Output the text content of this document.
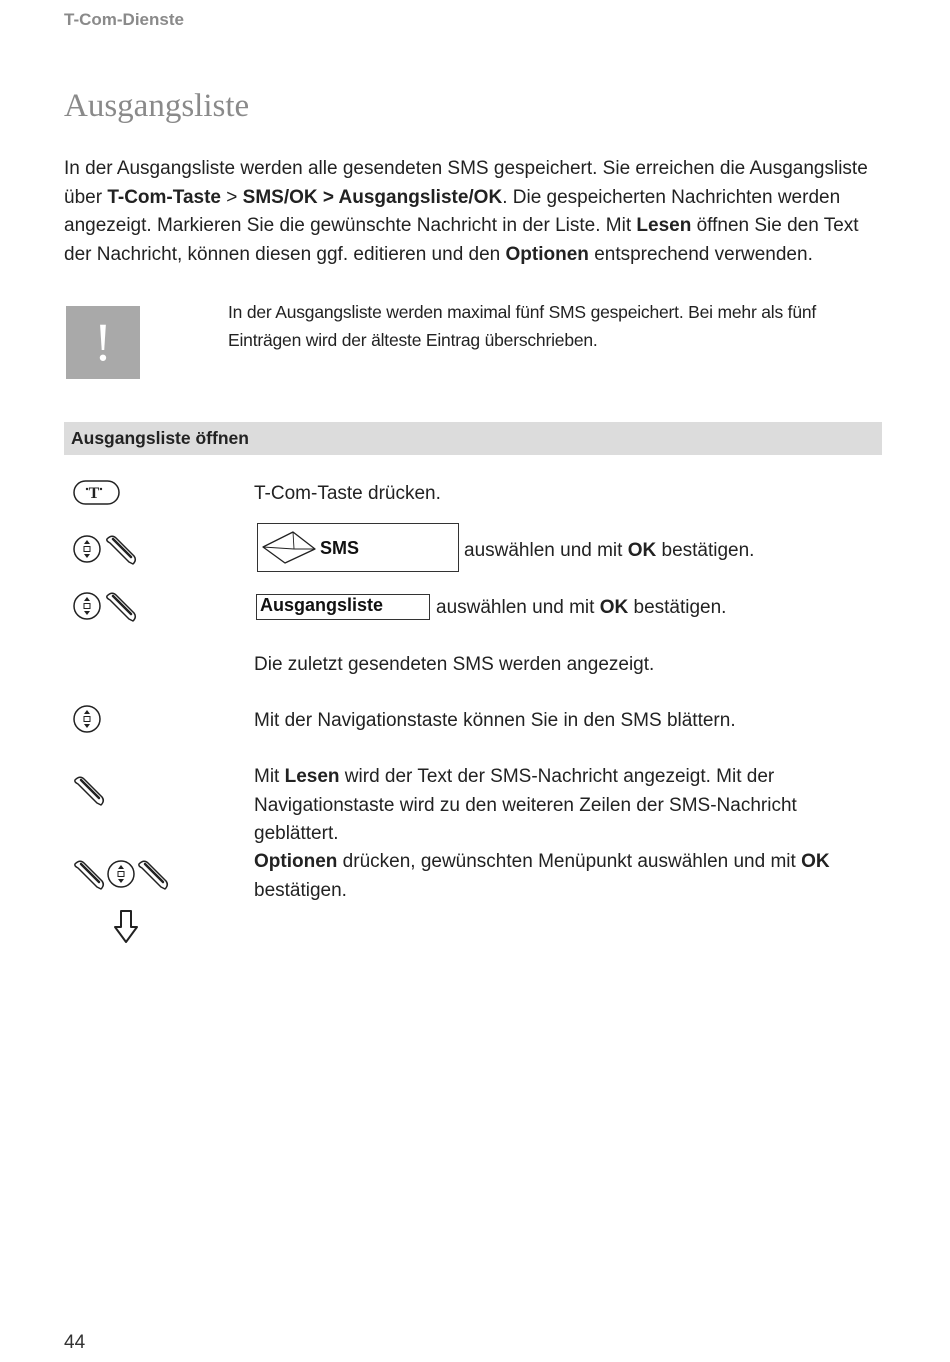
T-Com-Dienste
Ausgangsliste
In der Ausgangsliste werden alle gesendeten SMS gespeichert. Sie erreichen die Ausgangsliste über T-Com-Taste > SMS/OK > Ausgangsliste/OK. Die gespeicherten Nachrichten werden angezeigt. Markieren Sie die gewünschte Nachricht in der Liste. Mit Lesen öffnen Sie den Text der Nachricht, können diesen ggf. editieren und den Optionen entsprechend verwenden.
!	In der Ausgangsliste werden maximal fünf SMS gespeichert. Bei mehr als fünf Einträgen wird der älteste Eintrag überschrieben.
Ausgangsliste öffnen
T	T-Com-Taste drücken.
SMS	auswählen und mit OK bestätigen.
Ausgangsliste	auswählen und mit OK bestätigen.
Die zuletzt gesendeten SMS werden angezeigt.
Mit der Navigationstaste können Sie in den SMS blättern.
Mit Lesen wird der Text der SMS-Nachricht angezeigt. Mit der Navigationstaste wird zu den weiteren Zeilen der SMS-Nachricht geblättert.
Optionen drücken, gewünschten Menüpunkt auswählen und mit OK bestätigen.
44
